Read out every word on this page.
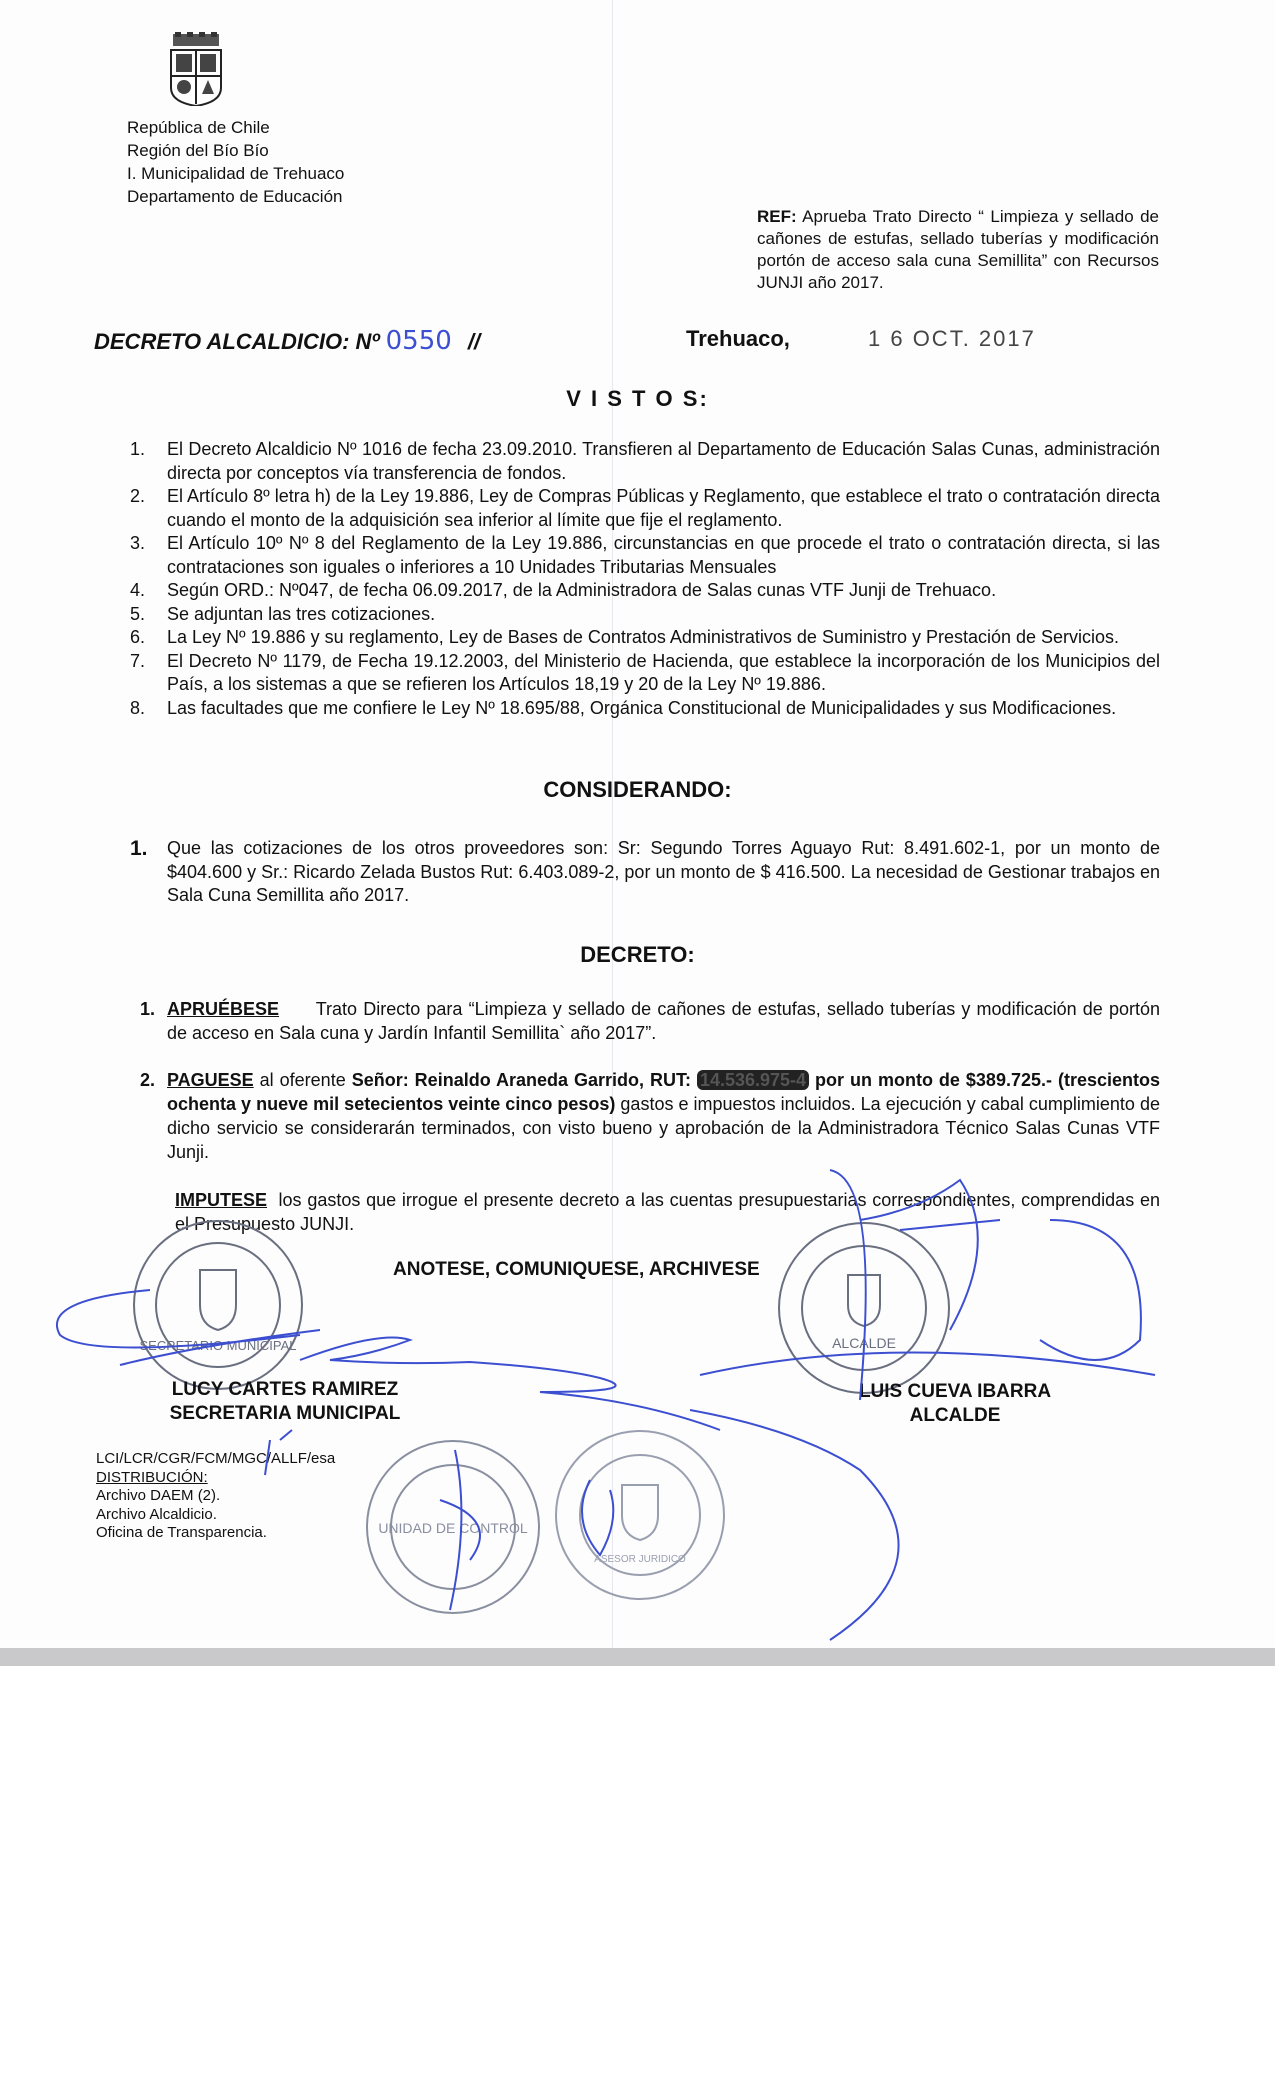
República de Chile
Región del Bío Bío
I. Municipalidad de Trehuaco
Departamento de Educación
REF: Aprueba Trato Directo “ Limpieza y sellado de cañones de estufas, sellado tuberías y modificación portón de acceso sala cuna Semillita” con Recursos JUNJI año 2017.
DECRETO ALCALDICIO: Nº 0550 //	Trehuaco,	1 6 OCT. 2017
V I S T O S:
1. El Decreto Alcaldicio Nº 1016 de fecha 23.09.2010. Transfieren al Departamento de Educación Salas Cunas, administración directa por conceptos vía transferencia de fondos.
2. El Artículo 8º letra h) de la Ley 19.886, Ley de Compras Públicas y Reglamento, que establece el trato o contratación directa cuando el monto de la adquisición sea inferior al límite que fije el reglamento.
3. El Artículo 10º Nº 8 del Reglamento de la Ley 19.886, circunstancias en que procede el trato o contratación directa, si las contrataciones son iguales o inferiores a 10 Unidades Tributarias Mensuales
4. Según ORD.: Nº047, de fecha 06.09.2017, de la Administradora de Salas cunas VTF Junji de Trehuaco.
5. Se adjuntan las tres cotizaciones.
6. La Ley Nº 19.886 y su reglamento, Ley de Bases de Contratos Administrativos de Suministro y Prestación de Servicios.
7. El Decreto Nº 1179, de Fecha 19.12.2003, del Ministerio de Hacienda, que establece la incorporación de los Municipios del País, a los sistemas a que se refieren los Artículos 18,19 y 20 de la Ley Nº 19.886.
8. Las facultades que me confiere le Ley Nº 18.695/88, Orgánica Constitucional de Municipalidades y sus Modificaciones.
CONSIDERANDO:
1. Que las cotizaciones de los otros proveedores son: Sr: Segundo Torres Aguayo Rut: 8.491.602-1, por un monto de $404.600 y Sr.: Ricardo Zelada Bustos Rut: 6.403.089-2, por un monto de $ 416.500. La necesidad de Gestionar trabajos en Sala Cuna Semillita año 2017.
DECRETO:
1. APRUÉBESE Trato Directo para “Limpieza y sellado de cañones de estufas, sellado tuberías y modificación de portón de acceso en Sala cuna y Jardín Infantil Semillita` año 2017”.
2. PAGUESE al oferente Señor: Reinaldo Araneda Garrido, RUT: 14.536.975-4 por un monto de $389.725.- (trescientos ochenta y nueve mil setecientos veinte cinco pesos) gastos e impuestos incluidos. La ejecución y cabal cumplimiento de dicho servicio se considerarán terminados, con visto bueno y aprobación de la Administradora Técnico Salas Cunas VTF Junji.
IMPUTESE los gastos que irrogue el presente decreto a las cuentas presupuestarias correspondientes, comprendidas en el Presupuesto JUNJI.
ANOTESE, COMUNIQUESE, ARCHIVESE
SECRETARIO MUNICIPAL	ALCALDE
UNIDAD DE CONTROL
ASESOR JURIDICO
LUCY CARTES RAMIREZ
SECRETARIA MUNICIPAL
LUIS CUEVA IBARRA
ALCALDE
LCI/LCR/CGR/FCM/MGC/ALLF/esa
DISTRIBUCIÓN:
Archivo DAEM (2).
Archivo Alcaldicio.
Oficina de Transparencia.
